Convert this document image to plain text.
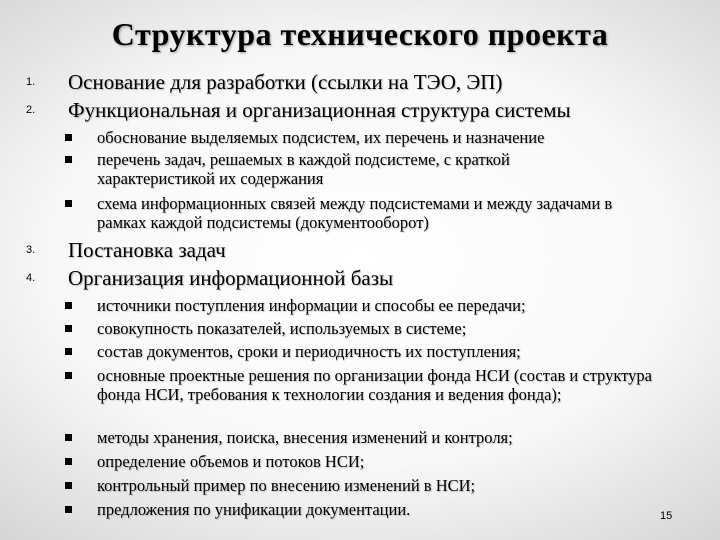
Структура технического проекта
1. Основание для разработки (ссылки на ТЭО, ЭП)
2. Функциональная и организационная структура системы
обоснование выделяемых подсистем, их перечень и назначение
перечень задач, решаемых в каждой подсистеме, с краткой характеристикой их содержания
схема информационных связей между подсистемами и между задачами в рамках каждой подсистемы (документооборот)
3. Постановка задач
4. Организация информационной базы
источники поступления информации и способы ее передачи;
совокупность показателей, используемых в системе;
состав документов, сроки и периодичность их поступления;
основные проектные решения по организации фонда НСИ (состав и структура фонда НСИ, требования к технологии создания и ведения фонда);
методы хранения, поиска, внесения изменений и контроля;
определение объемов и потоков НСИ;
контрольный пример по внесению изменений в НСИ;
предложения по унификации документации.	15
